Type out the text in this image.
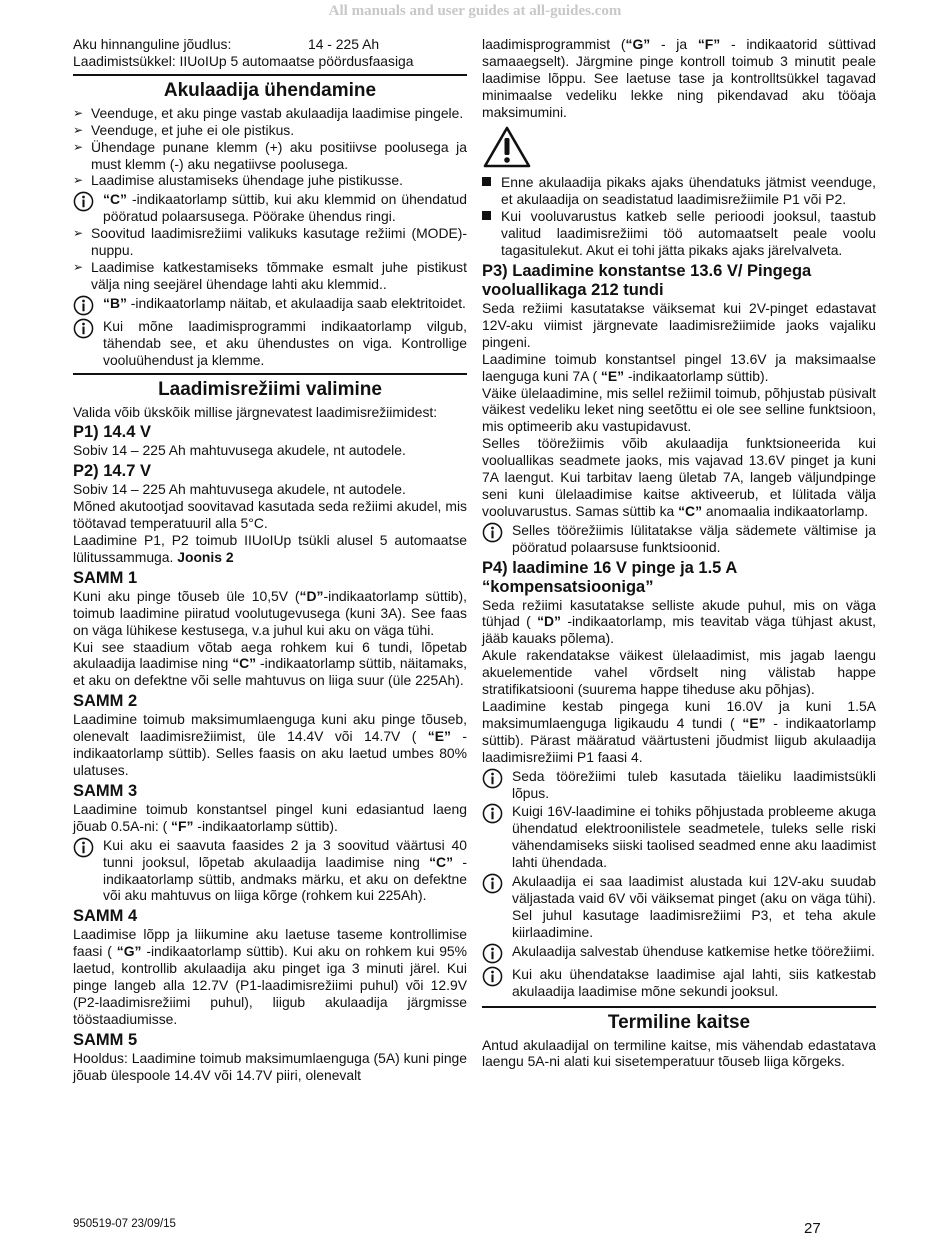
All manuals and user guides at all-guides.com
Aku hinnanguline jõudlus:	14 - 225 Ah

Laadimistsükkel: IIUoIUp 5 automaatse pöördusfaasiga

Akulaadija ühendamine
➢ Veenduge, et aku pinge vastab akulaadija laadimise pingele.
➢ Veenduge, et juhe ei ole pistikus.
➢ Ühendage punane klemm (+) aku positiivse poolusega ja must klemm (-) aku negatiivse poolusega.
➢ Laadimise alustamiseks ühendage juhe pistikusse.
“C” -indikaatorlamp süttib, kui aku klemmid on ühendatud pööratud polaarsusega. Pöörake ühendus ringi.
➢ Soovitud laadimisrežiimi valikuks kasutage režiimi (MODE)-nuppu.
➢ Laadimise katkestamiseks tõmmake esmalt juhe pistikust välja ning seejärel ühendage lahti aku klemmid..
“B” -indikaatorlamp näitab, et akulaadija saab elektritoidet.
Kui mõne laadimisprogrammi indikaatorlamp vilgub, tähendab see, et aku ühendustes on viga. Kontrollige vooluühendust ja klemme.
Laadimisrežiimi valimine

Valida võib ükskõik millise järgnevatest laadimisrežiimidest:

P1) 14.4 V

Sobiv 14 – 225 Ah mahtuvusega akudele, nt autodele.

P2) 14.7 V

Sobiv 14 – 225 Ah mahtuvusega akudele, nt autodele.

Mõned akutootjad soovitavad kasutada seda režiimi akudel, mis töötavad temperatuuril alla 5°C.

Laadimine P1, P2 toimub IIUoIUp tsükli alusel 5 automaatse lülitussammuga. Joonis 2

SAMM 1

Kuni aku pinge tõuseb üle 10,5V (“D”-indikaatorlamp süttib), toimub laadimine piiratud voolutugevusega (kuni 3A). See faas on väga lühikese kestusega, v.a juhul kui aku on väga tühi.

Kui see staadium võtab aega rohkem kui 6 tundi, lõpetab akulaadija laadimise ning “C” -indikaatorlamp süttib, näitamaks, et aku on defektne või selle mahtuvus on liiga suur (üle 225Ah).

SAMM 2

Laadimine toimub maksimumlaenguga kuni aku pinge tõuseb, olenevalt laadimisrežiimist, üle 14.4V või 14.7V ( “E” -indikaatorlamp süttib). Selles faasis on aku laetud umbes 80% ulatuses.

SAMM 3

Laadimine toimub konstantsel pingel kuni edasiantud laeng jõuab 0.5A-ni: ( “F” -indikaatorlamp süttib).

Kui aku ei saavuta faasides 2 ja 3 soovitud väärtusi 40 tunni jooksul, lõpetab akulaadija laadimise ning “C” -indikaatorlamp süttib, andmaks märku, et aku on defektne või aku mahtuvus on liiga kõrge (rohkem kui 225Ah).
SAMM 4

Laadimise lõpp ja liikumine aku laetuse taseme kontrollimise faasi ( “G” -indikaatorlamp süttib). Kui aku on rohkem kui 95% laetud, kontrollib akulaadija aku pinget iga 3 minuti järel. Kui pinge langeb alla 12.7V (P1-laadimisrežiimi puhul) või 12.9V (P2-laadimisrežiimi puhul), liigub akulaadija järgmisse tööstaadiumisse.

SAMM 5

Hooldus: Laadimine toimub maksimumlaenguga (5A) kuni pinge jõuab ülespoole 14.4V või 14.7V piiri, olenevalt

laadimisprogrammist (“G” - ja “F” - indikaatorid süttivad samaaegselt). Järgmine pinge kontroll toimub 3 minutit peale laadimise lõppu. See laetuse tase ja kontrolltsükkel tagavad minimaalse vedeliku lekke ning pikendavad aku tööaja maksimumini.

Enne akulaadija pikaks ajaks ühendatuks jätmist veenduge, et akulaadija on seadistatud laadimisrežiimile P1 või P2.
Kui vooluvarustus katkeb selle perioodi jooksul, taastub valitud laadimisrežiimi töö automaatselt peale voolu tagasitulekut. Akut ei tohi jätta pikaks ajaks järelvalveta.
P3) Laadimine konstantse 13.6 V/ Pingega vooluallikaga 212 tundi

Seda režiimi kasutatakse väiksemat kui 2V-pinget edastavat 12V-aku viimist järgnevate laadimisrežiimide jaoks vajaliku pingeni.

Laadimine toimub konstantsel pingel 13.6V ja maksimaalse laenguga kuni 7A ( “E” -indikaatorlamp süttib).

Väike ülelaadimine, mis sellel režiimil toimub, põhjustab püsivalt väikest vedeliku leket ning seetõttu ei ole see selline funktsioon, mis optimeerib aku vastupidavust.

Selles töörežiimis võib akulaadija funktsioneerida kui vooluallikas seadmete jaoks, mis vajavad 13.6V pinget ja kuni 7A laengut. Kui tarbitav laeng ületab 7A, langeb väljundpinge seni kuni ülelaadimise kaitse aktiveerub, et lülitada välja vooluvarustus. Samas süttib ka “C” anomaalia indikaatorlamp.

Selles töörežiimis lülitatakse välja sädemete vältimise ja pööratud polaarsuse funktsioonid.
P4) laadimine 16 V pinge ja 1.5 A “kompensatsiooniga”

Seda režiimi kasutatakse selliste akude puhul, mis on väga tühjad ( “D” -indikaatorlamp, mis teavitab väga tühjast akust, jääb kauaks põlema).

Akule rakendatakse väikest ülelaadimist, mis jagab laengu akuelementide vahel võrdselt ning välistab happe stratifikatsiooni (suurema happe tiheduse aku põhjas).

Laadimine kestab pingega kuni 16.0V ja kuni 1.5A maksimumlaenguga ligikaudu 4 tundi ( “E” - indikaatorlamp süttib). Pärast määratud väärtusteni jõudmist liigub akulaadija laadimisrežiimi P1 faasi 4.

Seda töörežiimi tuleb kasutada täieliku laadimistsükli lõpus.
Kuigi 16V-laadimine ei tohiks põhjustada probleeme akuga ühendatud elektroonilistele seadmetele, tuleks selle riski vähendamiseks siiski taolised seadmed enne aku laadimist lahti ühendada.
Akulaadija ei saa laadimist alustada kui 12V-aku suudab väljastada vaid 6V või väiksemat pinget (aku on väga tühi). Sel juhul kasutage laadimisrežiimi P3, et teha akule kiirlaadimine.
Akulaadija salvestab ühenduse katkemise hetke töörežiimi.
Kui aku ühendatakse laadimise ajal lahti, siis katkestab akulaadija laadimise mõne sekundi jooksul.
Termiline kaitse

Antud akulaadijal on termiline kaitse, mis vähendab edastatava laengu 5A-ni alati kui sisetemperatuur tõuseb liiga kõrgeks.

950519-07 23/09/15	27
